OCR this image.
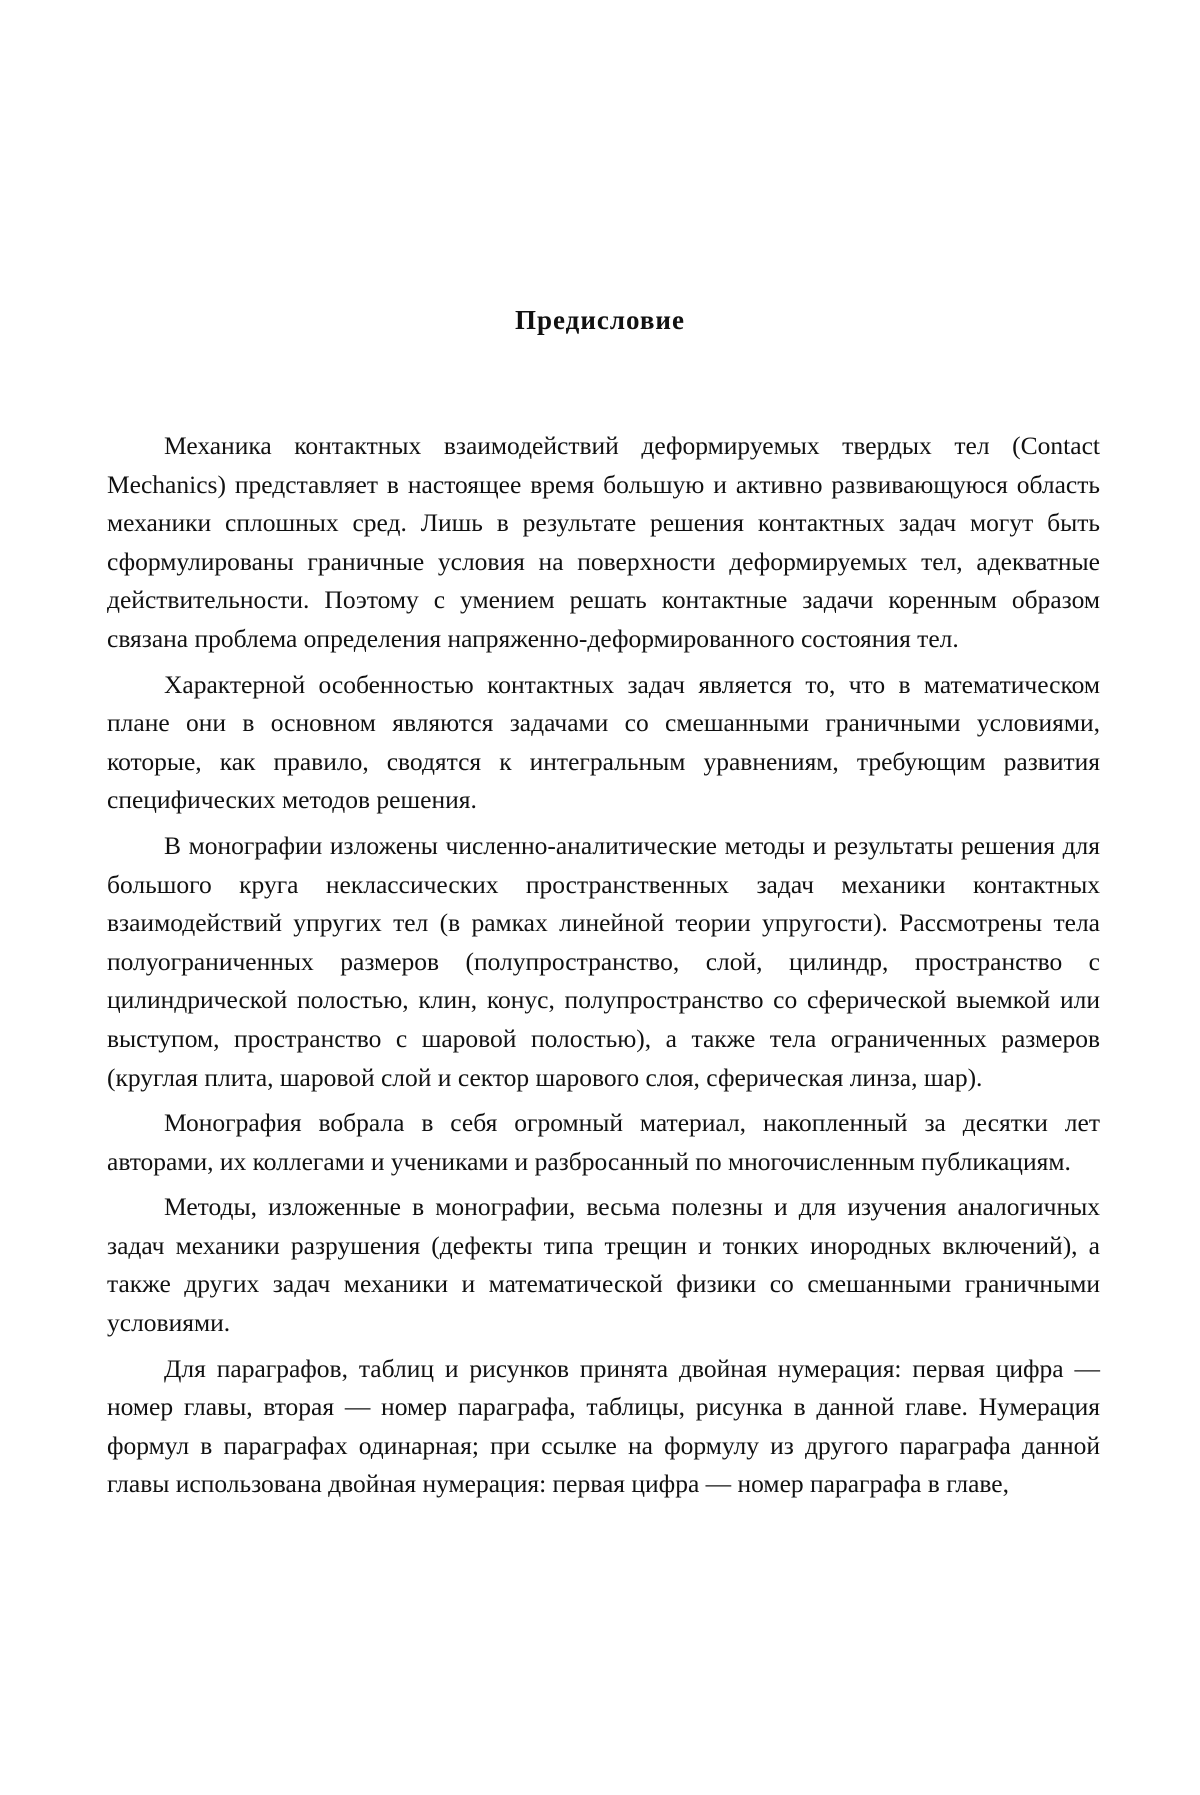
Предисловие

Механика контактных взаимодействий деформируемых твердых тел (Contact Mechanics) представляет в настоящее время большую и активно развивающуюся область механики сплошных сред. Лишь в результате решения контактных задач могут быть сформулированы граничные условия на поверхности деформируемых тел, адекватные действительности. Поэтому с умением решать контактные задачи коренным образом связана проблема определения напряженно-деформированного состояния тел.

Характерной особенностью контактных задач является то, что в математическом плане они в основном являются задачами со смешанными граничными условиями, которые, как правило, сводятся к интегральным уравнениям, требующим развития специфических методов решения.

В монографии изложены численно-аналитические методы и результаты решения для большого круга неклассических пространственных задач механики контактных взаимодействий упругих тел (в рамках линейной теории упругости). Рассмотрены тела полуограниченных размеров (полупространство, слой, цилиндр, пространство с цилиндрической полостью, клин, конус, полупространство со сферической выемкой или выступом, пространство с шаровой полостью), а также тела ограниченных размеров (круглая плита, шаровой слой и сектор шарового слоя, сферическая линза, шар).

Монография вобрала в себя огромный материал, накопленный за десятки лет авторами, их коллегами и учениками и разбросанный по многочисленным публикациям.

Методы, изложенные в монографии, весьма полезны и для изучения аналогичных задач механики разрушения (дефекты типа трещин и тонких инородных включений), а также других задач механики и математической физики со смешанными граничными условиями.

Для параграфов, таблиц и рисунков принята двойная нумерация: первая цифра — номер главы, вторая — номер параграфа, таблицы, рисунка в данной главе. Нумерация формул в параграфах одинарная; при ссылке на формулу из другого параграфа данной главы использована двойная нумерация: первая цифра — номер параграфа в главе,
